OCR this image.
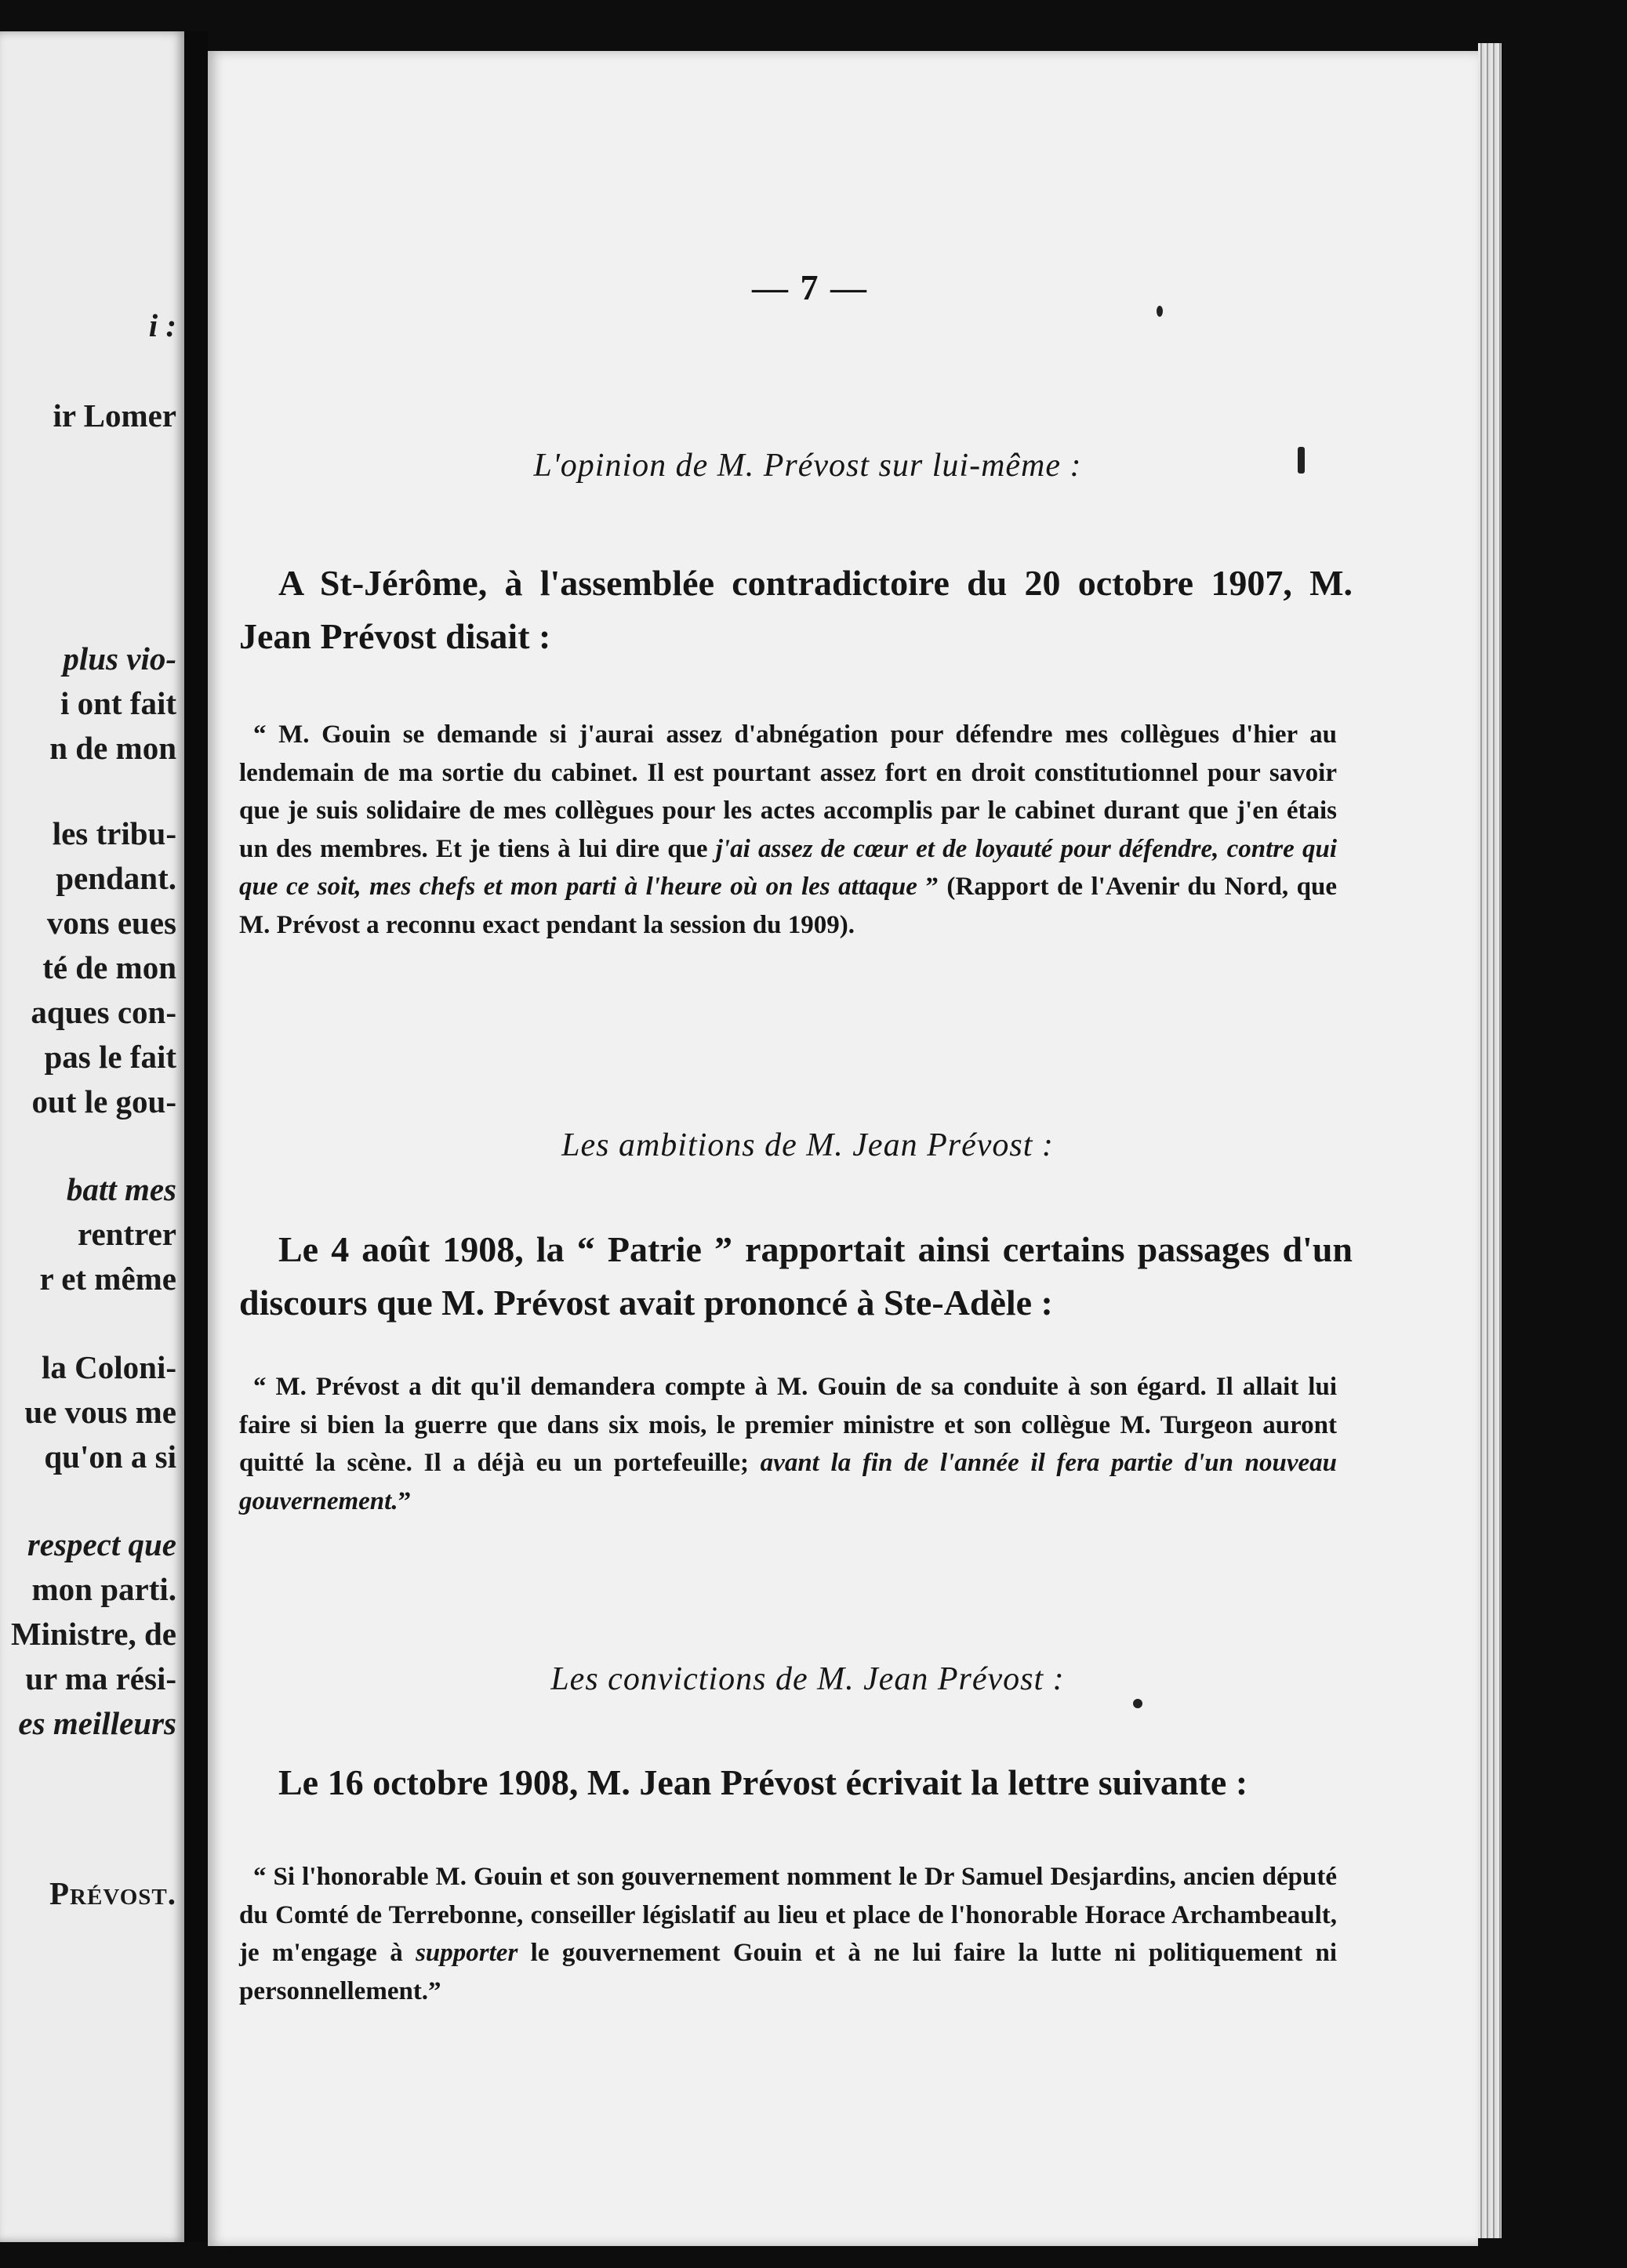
i :
ir Lomer
plus vio-
i ont fait
n de mon
les tribu-
pendant.
vons eues
té de mon
aques con-
pas le fait
out le gou-
batt mes
rentrer
r et même
la Coloni-
ue vous me
qu'on a si
respect que
mon parti.
Ministre, de
ur ma rési-
es meilleurs
Prévost.
— 7 —
L'opinion de M. Prévost sur lui-même :
A St-Jérôme, à l'assemblée contradictoire du 20 octobre 1907, M. Jean Prévost disait :
“ M. Gouin se demande si j'aurai assez d'abnégation pour défendre mes collègues d'hier au lendemain de ma sortie du cabinet. Il est pourtant assez fort en droit constitutionnel pour savoir que je suis solidaire de mes collègues pour les actes accomplis par le cabinet durant que j'en étais un des membres. Et je tiens à lui dire que j'ai assez de cœur et de loyauté pour défendre, contre qui que ce soit, mes chefs et mon parti à l'heure où on les attaque ” (Rapport de l'Avenir du Nord, que M. Prévost a reconnu exact pendant la session du 1909).
Les ambitions de M. Jean Prévost :
Le 4 août 1908, la “ Patrie ” rapportait ainsi certains passages d'un discours que M. Prévost avait prononcé à Ste-Adèle :
“ M. Prévost a dit qu'il demandera compte à M. Gouin de sa conduite à son égard. Il allait lui faire si bien la guerre que dans six mois, le premier ministre et son collègue M. Turgeon auront quitté la scène. Il a déjà eu un portefeuille; avant la fin de l'année il fera partie d'un nouveau gouvernement.”
Les convictions de M. Jean Prévost :
Le 16 octobre 1908, M. Jean Prévost écrivait la lettre suivante :
“ Si l'honorable M. Gouin et son gouvernement nomment le Dr Samuel Desjardins, ancien député du Comté de Terrebonne, conseiller législatif au lieu et place de l'honorable Horace Archambeault, je m'engage à supporter le gouvernement Gouin et à ne lui faire la lutte ni politiquement ni personnellement.”
